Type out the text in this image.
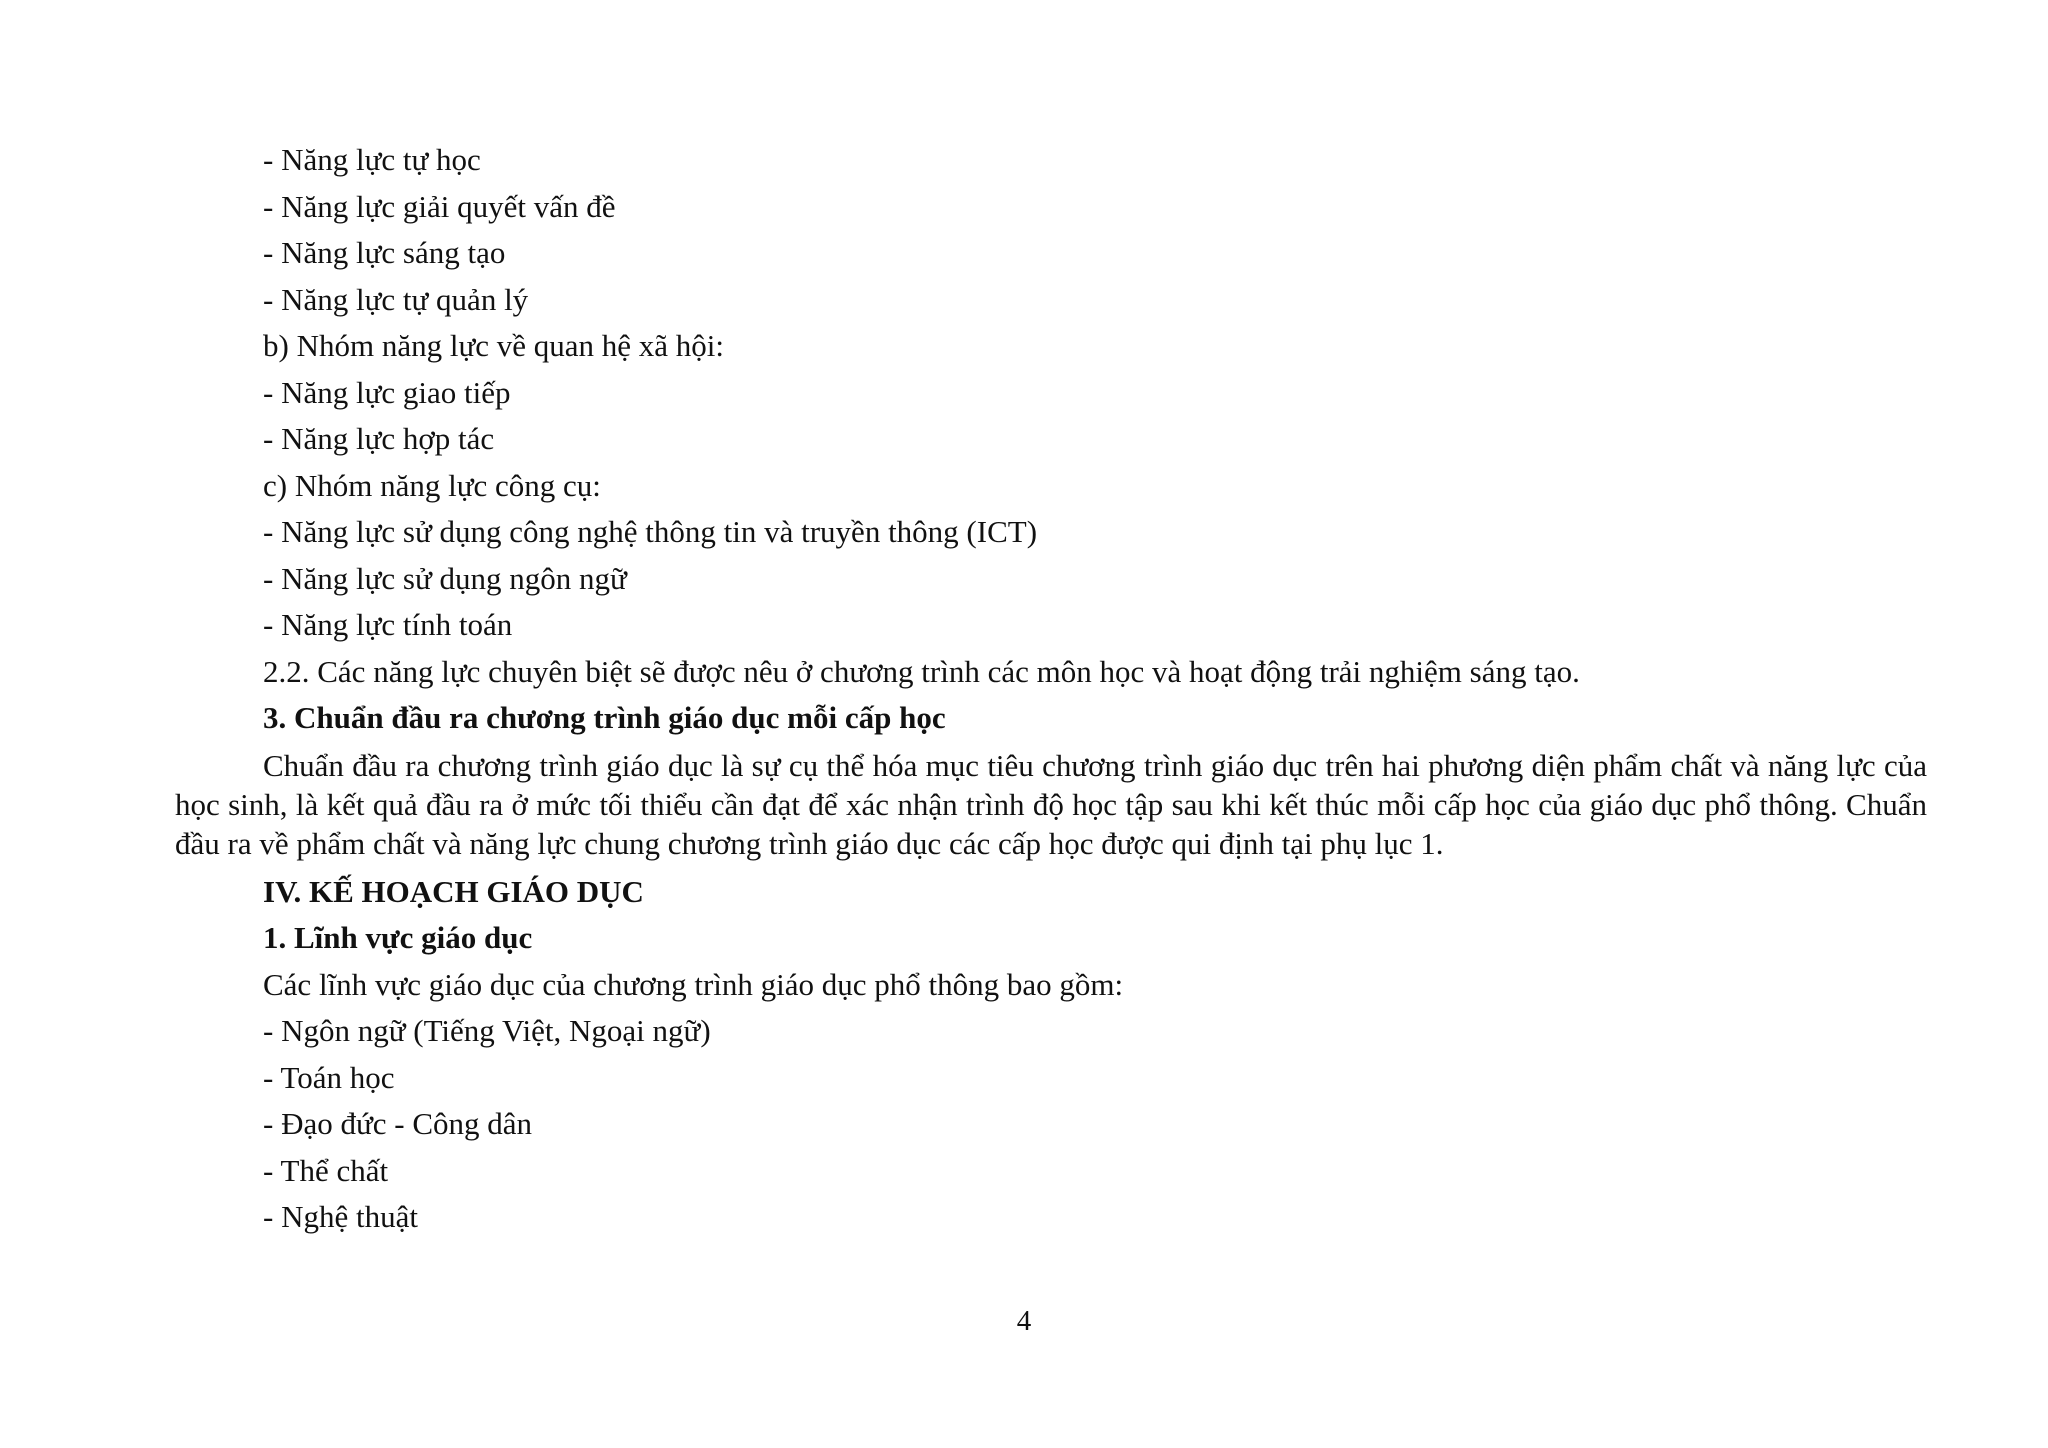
- Năng lực tự học
- Năng lực giải quyết vấn đề
- Năng lực sáng tạo
- Năng lực tự quản lý
b) Nhóm năng lực về quan hệ xã hội:
- Năng lực giao tiếp
- Năng lực hợp tác
c) Nhóm năng lực công cụ:
- Năng lực sử dụng công nghệ thông tin và truyền thông (ICT)
- Năng lực sử dụng ngôn ngữ
- Năng lực tính toán
2.2. Các năng lực chuyên biệt sẽ được nêu ở chương trình các môn học và hoạt động trải nghiệm sáng tạo.
3. Chuẩn đầu ra chương trình giáo dục mỗi cấp học
Chuẩn đầu ra chương trình giáo dục là sự cụ thể hóa mục tiêu chương trình giáo dục trên hai phương diện phẩm chất và năng lực của học sinh, là kết quả đầu ra ở mức tối thiểu cần đạt để xác nhận trình độ học tập sau khi kết thúc mỗi cấp học của giáo dục phổ thông. Chuẩn đầu ra về phẩm chất và năng lực chung chương trình giáo dục các cấp học được qui định tại phụ lục 1.
IV. KẾ HOẠCH GIÁO DỤC
1. Lĩnh vực giáo dục
Các lĩnh vực giáo dục của chương trình giáo dục phổ thông bao gồm:
- Ngôn ngữ (Tiếng Việt, Ngoại ngữ)
- Toán học
- Đạo đức - Công dân
- Thể chất
- Nghệ thuật
4
